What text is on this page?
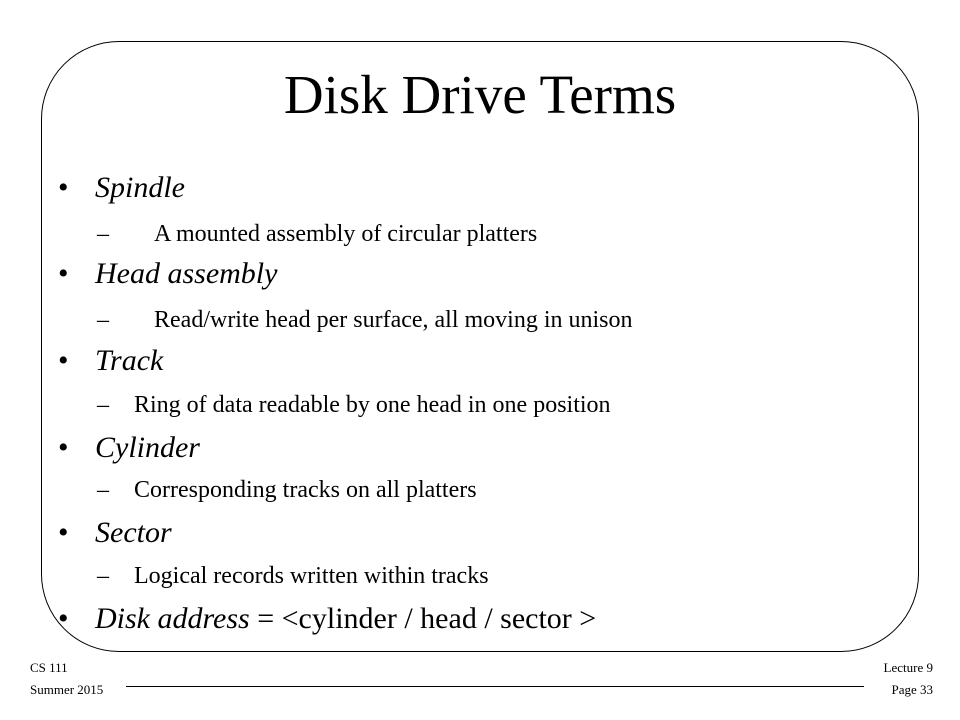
Disk Drive Terms
• Spindle
– A mounted assembly of circular platters
• Head assembly
– Read/write head per surface, all moving in unison
• Track
– Ring of data readable by one head in one position
• Cylinder
– Corresponding tracks on all platters
• Sector
– Logical records written within tracks
• Disk address = <cylinder / head / sector >
CS 111
Summer 2015
Lecture 9
Page 33
